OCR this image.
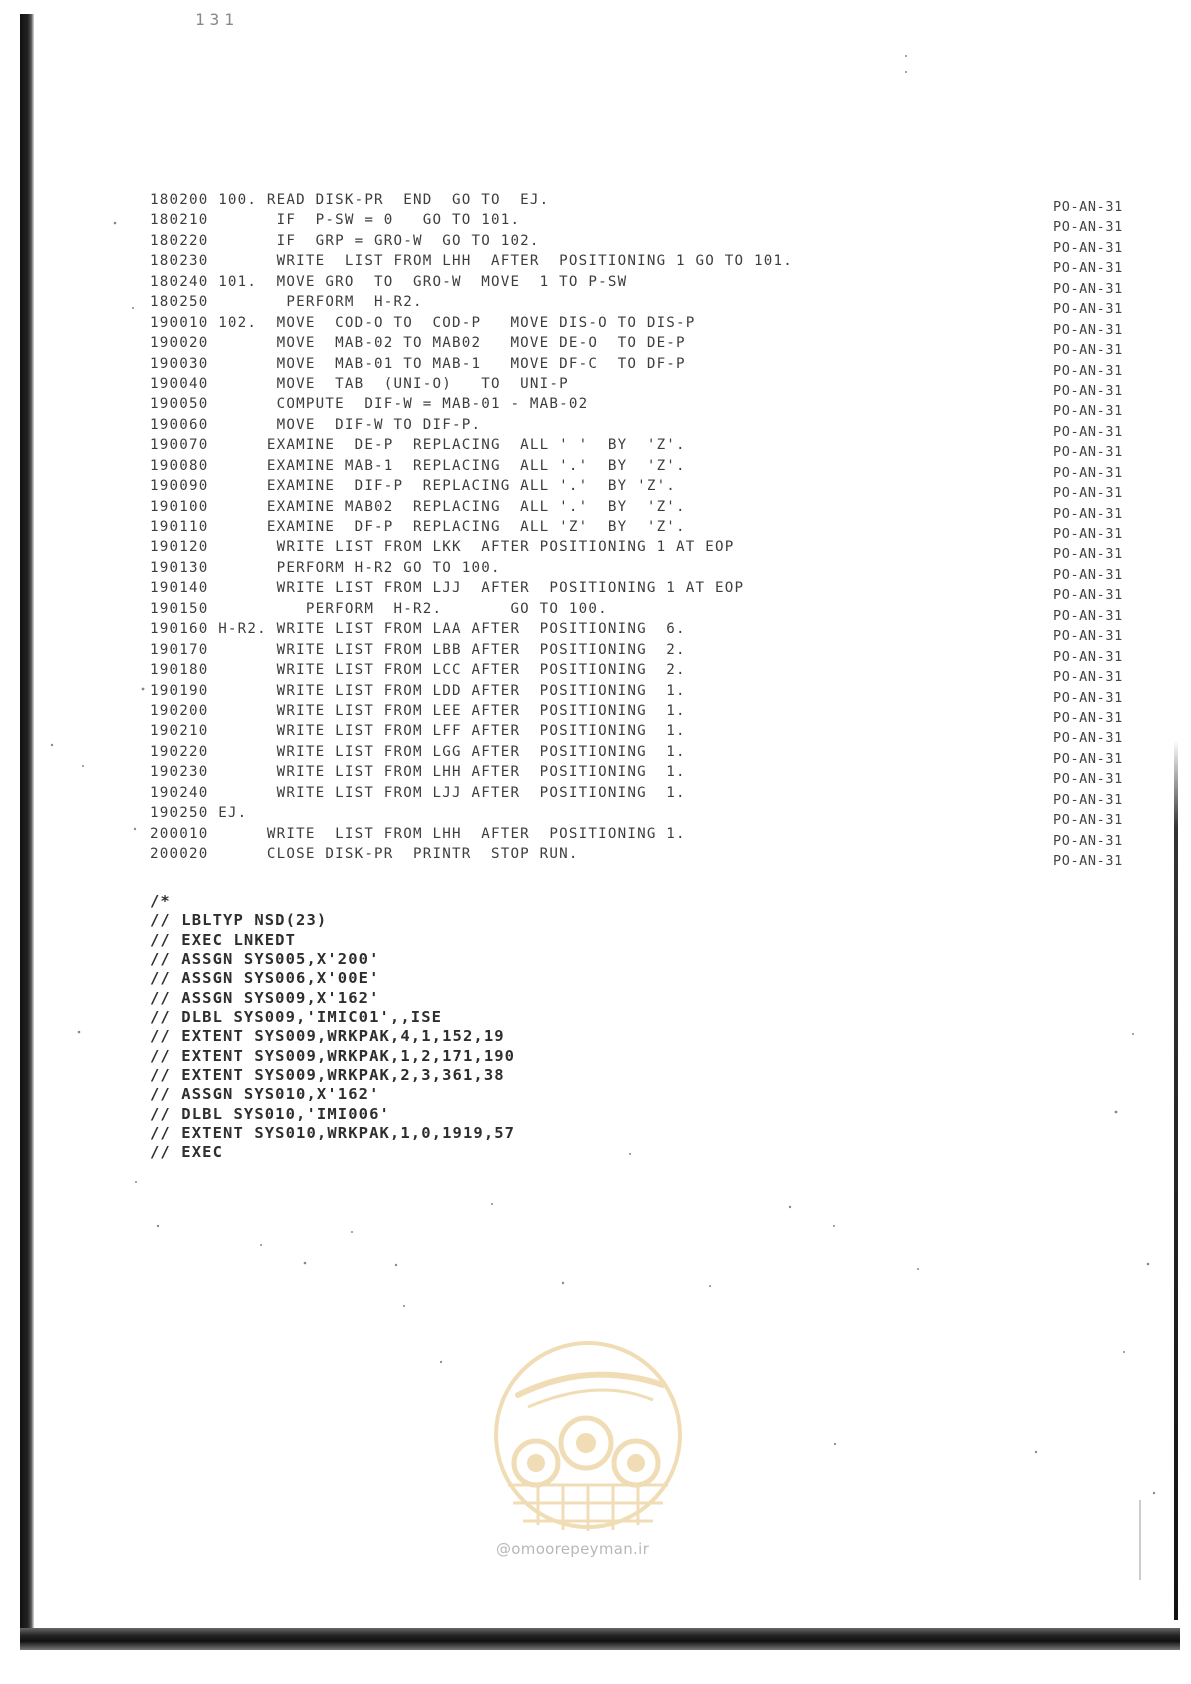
131
180200 100. READ DISK-PR  END  GO TO  EJ.
180210       IF  P-SW = 0   GO TO 101.
180220       IF  GRP = GRO-W  GO TO 102.
180230       WRITE  LIST FROM LHH  AFTER  POSITIONING 1 GO TO 101.
180240 101.  MOVE GRO  TO  GRO-W  MOVE  1 TO P-SW
180250        PERFORM  H-R2.
190010 102.  MOVE  COD-O TO  COD-P   MOVE DIS-O TO DIS-P
190020       MOVE  MAB-02 TO MAB02   MOVE DE-O  TO DE-P
190030       MOVE  MAB-01 TO MAB-1   MOVE DF-C  TO DF-P
190040       MOVE  TAB  (UNI-O)   TO  UNI-P
190050       COMPUTE  DIF-W = MAB-01 - MAB-02
190060       MOVE  DIF-W TO DIF-P.
190070      EXAMINE  DE-P  REPLACING  ALL ' '  BY  'Z'.
190080      EXAMINE MAB-1  REPLACING  ALL '.'  BY  'Z'.
190090      EXAMINE  DIF-P  REPLACING ALL '.'  BY 'Z'.
190100      EXAMINE MAB02  REPLACING  ALL '.'  BY  'Z'.
190110      EXAMINE  DF-P  REPLACING  ALL 'Z'  BY  'Z'.
190120       WRITE LIST FROM LKK  AFTER POSITIONING 1 AT EOP
190130       PERFORM H-R2 GO TO 100.
190140       WRITE LIST FROM LJJ  AFTER  POSITIONING 1 AT EOP
190150          PERFORM  H-R2.       GO TO 100.
190160 H-R2. WRITE LIST FROM LAA AFTER  POSITIONING  6.
190170       WRITE LIST FROM LBB AFTER  POSITIONING  2.
190180       WRITE LIST FROM LCC AFTER  POSITIONING  2.
190190       WRITE LIST FROM LDD AFTER  POSITIONING  1.
190200       WRITE LIST FROM LEE AFTER  POSITIONING  1.
190210       WRITE LIST FROM LFF AFTER  POSITIONING  1.
190220       WRITE LIST FROM LGG AFTER  POSITIONING  1.
190230       WRITE LIST FROM LHH AFTER  POSITIONING  1.
190240       WRITE LIST FROM LJJ AFTER  POSITIONING  1.
190250 EJ.
200010      WRITE  LIST FROM LHH  AFTER  POSITIONING 1.
200020      CLOSE DISK-PR  PRINTR  STOP RUN.
PO-AN-31
PO-AN-31
PO-AN-31
PO-AN-31
PO-AN-31
PO-AN-31
PO-AN-31
PO-AN-31
PO-AN-31
PO-AN-31
PO-AN-31
PO-AN-31
PO-AN-31
PO-AN-31
PO-AN-31
PO-AN-31
PO-AN-31
PO-AN-31
PO-AN-31
PO-AN-31
PO-AN-31
PO-AN-31
PO-AN-31
PO-AN-31
PO-AN-31
PO-AN-31
PO-AN-31
PO-AN-31
PO-AN-31
PO-AN-31
PO-AN-31
PO-AN-31
PO-AN-31
/*
// LBLTYP NSD(23)
// EXEC LNKEDT
// ASSGN SYS005,X'200'
// ASSGN SYS006,X'00E'
// ASSGN SYS009,X'162'
// DLBL SYS009,'IMIC01',,ISE
// EXTENT SYS009,WRKPAK,4,1,152,19
// EXTENT SYS009,WRKPAK,1,2,171,190
// EXTENT SYS009,WRKPAK,2,3,361,38
// ASSGN SYS010,X'162'
// DLBL SYS010,'IMI006'
// EXTENT SYS010,WRKPAK,1,0,1919,57
// EXEC
@omoorepeyman.ir
